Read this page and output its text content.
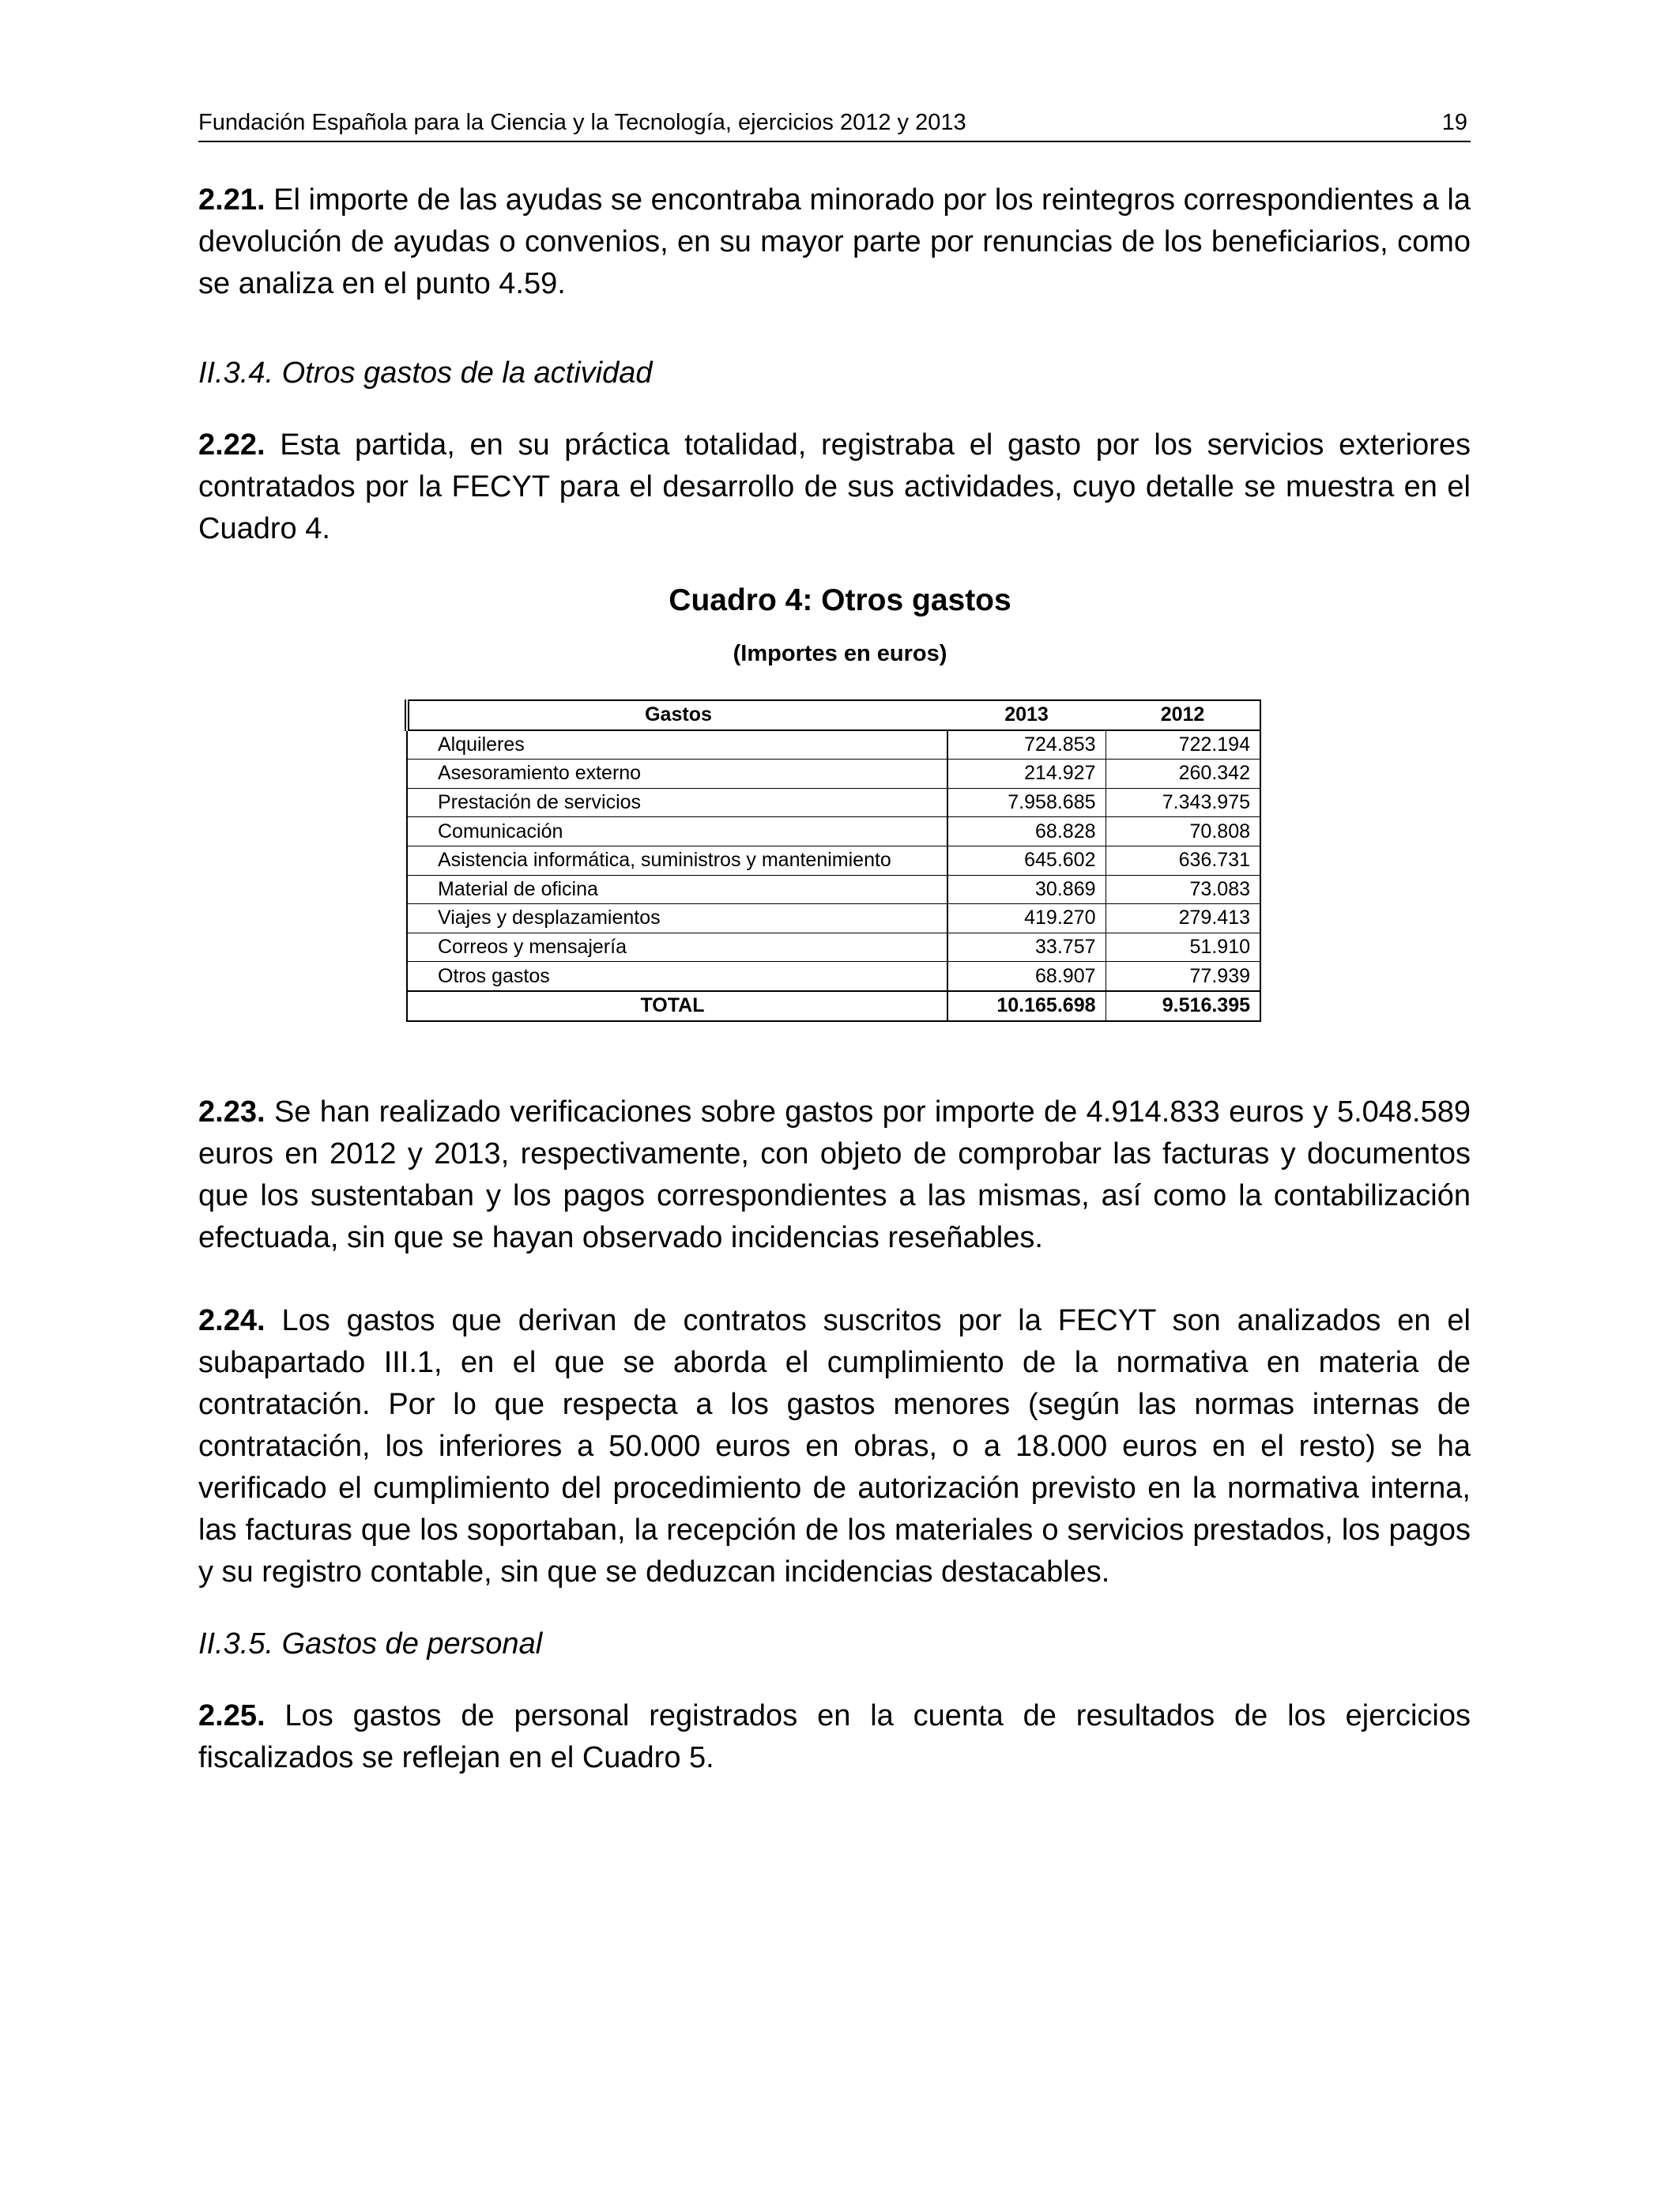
Fundación Española para la Ciencia y la Tecnología, ejercicios 2012 y 2013	19

2.21. El importe de las ayudas se encontraba minorado por los reintegros correspondientes a la devolución de ayudas o convenios, en su mayor parte por renuncias de los beneficiarios, como se analiza en el punto 4.59.

II.3.4. Otros gastos de la actividad

2.22. Esta partida, en su práctica totalidad, registraba el gasto por los servicios exteriores contratados por la FECYT para el desarrollo de sus actividades, cuyo detalle se muestra en el Cuadro 4.

Cuadro 4: Otros gastos

(Importes en euros)

Gastos	2013	2012
Alquileres	724.853	722.194
Asesoramiento externo	214.927	260.342
Prestación de servicios	7.958.685	7.343.975
Comunicación	68.828	70.808
Asistencia informática, suministros y mantenimiento	645.602	636.731
Material de oficina	30.869	73.083
Viajes y desplazamientos	419.270	279.413
Correos y mensajería	33.757	51.910
Otros gastos	68.907	77.939
TOTAL	10.165.698	9.516.395

2.23. Se han realizado verificaciones sobre gastos por importe de 4.914.833 euros y 5.048.589 euros en 2012 y 2013, respectivamente, con objeto de comprobar las facturas y documentos que los sustentaban y los pagos correspondientes a las mismas, así como la contabilización efectuada, sin que se hayan observado incidencias reseñables.

2.24. Los gastos que derivan de contratos suscritos por la FECYT son analizados en el subapartado III.1, en el que se aborda el cumplimiento de la normativa en materia de contratación. Por lo que respecta a los gastos menores (según las normas internas de contratación, los inferiores a 50.000 euros en obras, o a 18.000 euros en el resto) se ha verificado el cumplimiento del procedimiento de autorización previsto en la normativa interna, las facturas que los soportaban, la recepción de los materiales o servicios prestados, los pagos y su registro contable, sin que se deduzcan incidencias destacables.

II.3.5. Gastos de personal

2.25. Los gastos de personal registrados en la cuenta de resultados de los ejercicios fiscalizados se reflejan en el Cuadro 5.
